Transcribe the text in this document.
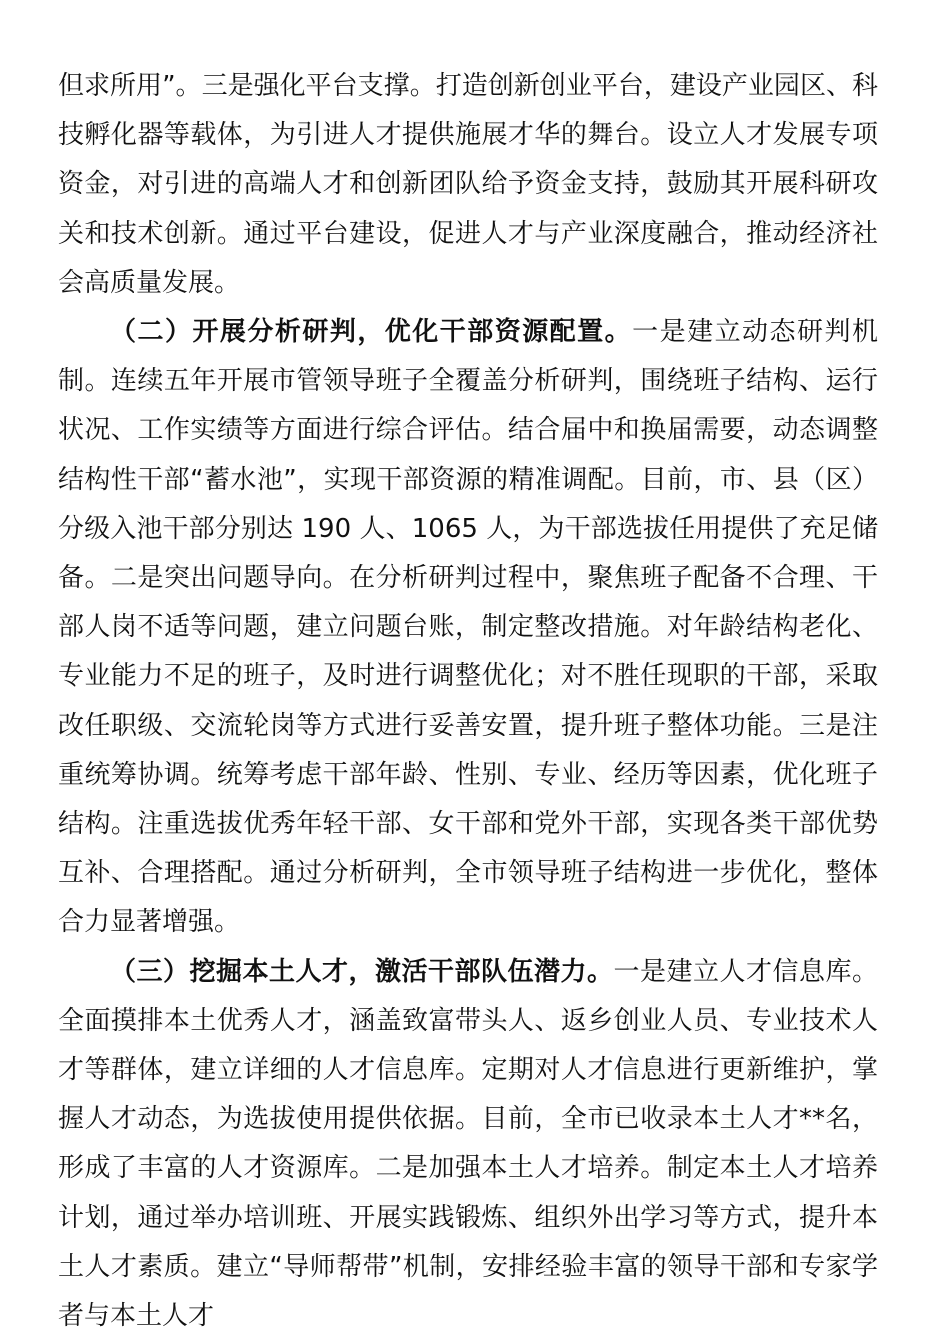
但求所用”。三是强化平台支撑。打造创新创业平台，建设产业园区、科技孵化器等载体，为引进人才提供施展才华的舞台。设立人才发展专项资金，对引进的高端人才和创新团队给予资金支持，鼓励其开展科研攻关和技术创新。通过平台建设，促进人才与产业深度融合，推动经济社会高质量发展。

（二）开展分析研判，优化干部资源配置。一是建立动态研判机制。连续五年开展市管领导班子全覆盖分析研判，围绕班子结构、运行状况、工作实绩等方面进行综合评估。结合届中和换届需要，动态调整结构性干部“蓄水池”，实现干部资源的精准调配。目前，市、县（区）分级入池干部分别达 190 人、1065 人，为干部选拔任用提供了充足储备。二是突出问题导向。在分析研判过程中，聚焦班子配备不合理、干部人岗不适等问题，建立问题台账，制定整改措施。对年龄结构老化、专业能力不足的班子，及时进行调整优化；对不胜任现职的干部，采取改任职级、交流轮岗等方式进行妥善安置，提升班子整体功能。三是注重统筹协调。统筹考虑干部年龄、性别、专业、经历等因素，优化班子结构。注重选拔优秀年轻干部、女干部和党外干部，实现各类干部优势互补、合理搭配。通过分析研判，全市领导班子结构进一步优化，整体合力显著增强。

（三）挖掘本土人才，激活干部队伍潜力。一是建立人才信息库。全面摸排本土优秀人才，涵盖致富带头人、返乡创业人员、专业技术人才等群体，建立详细的人才信息库。定期对人才信息进行更新维护，掌握人才动态，为选拔使用提供依据。目前，全市已收录本土人才**名，形成了丰富的人才资源库。二是加强本土人才培养。制定本土人才培养计划，通过举办培训班、开展实践锻炼、组织外出学习等方式，提升本土人才素质。建立“导师帮带”机制，安排经验丰富的领导干部和专家学者与本土人才
